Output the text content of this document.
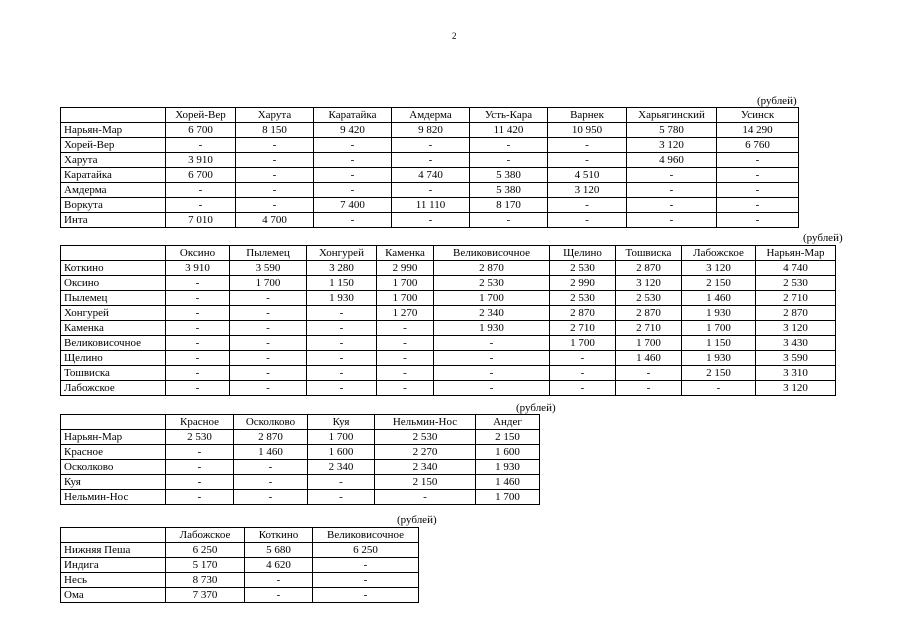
2
(рублей)
	Хорей-Вер	Харута	Каратайка	Амдерма	Усть-Кара	Варнек	Харьягинский	Усинск
Нарьян-Мар	6 700	8 150	9 420	9 820	11 420	10 950	5 780	14 290
Хорей-Вер	-	-	-	-	-	-	3 120	6 760
Харута	3 910	-	-	-	-	-	4 960	-
Каратайка	6 700	-	-	4 740	5 380	4 510	-	-
Амдерма	-	-	-	-	5 380	3 120	-	-
Воркута	-	-	7 400	11 110	8 170	-	-	-
Инта	7 010	4 700	-	-	-	-	-	-
(рублей)
	Оксино	Пылемец	Хонгурей	Каменка	Великовисочное	Щелино	Тошвиска	Лабожское	Нарьян-Мар
Коткино	3 910	3 590	3 280	2 990	2 870	2 530	2 870	3 120	4 740
Оксино	-	1 700	1 150	1 700	2 530	2 990	3 120	2 150	2 530
Пылемец	-	-	1 930	1 700	1 700	2 530	2 530	1 460	2 710
Хонгурей	-	-	-	1 270	2 340	2 870	2 870	1 930	2 870
Каменка	-	-	-	-	1 930	2 710	2 710	1 700	3 120
Великовисочное	-	-	-	-	-	1 700	1 700	1 150	3 430
Щелино	-	-	-	-	-	-	1 460	1 930	3 590
Тошвиска	-	-	-	-	-	-	-	2 150	3 310
Лабожское	-	-	-	-	-	-	-	-	3 120
(рублей)
	Красное	Осколково	Куя	Нельмин-Нос	Андег
Нарьян-Мар	2 530	2 870	1 700	2 530	2 150
Красное	-	1 460	1 600	2 270	1 600
Осколково	-	-	2 340	2 340	1 930
Куя	-	-	-	2 150	1 460
Нельмин-Нос	-	-	-	-	1 700
(рублей)
	Лабожское	Коткино	Великовисочное
Нижняя Пеша	6 250	5 680	6 250
Индига	5 170	4 620	-
Несь	8 730	-	-
Ома	7 370	-	-
